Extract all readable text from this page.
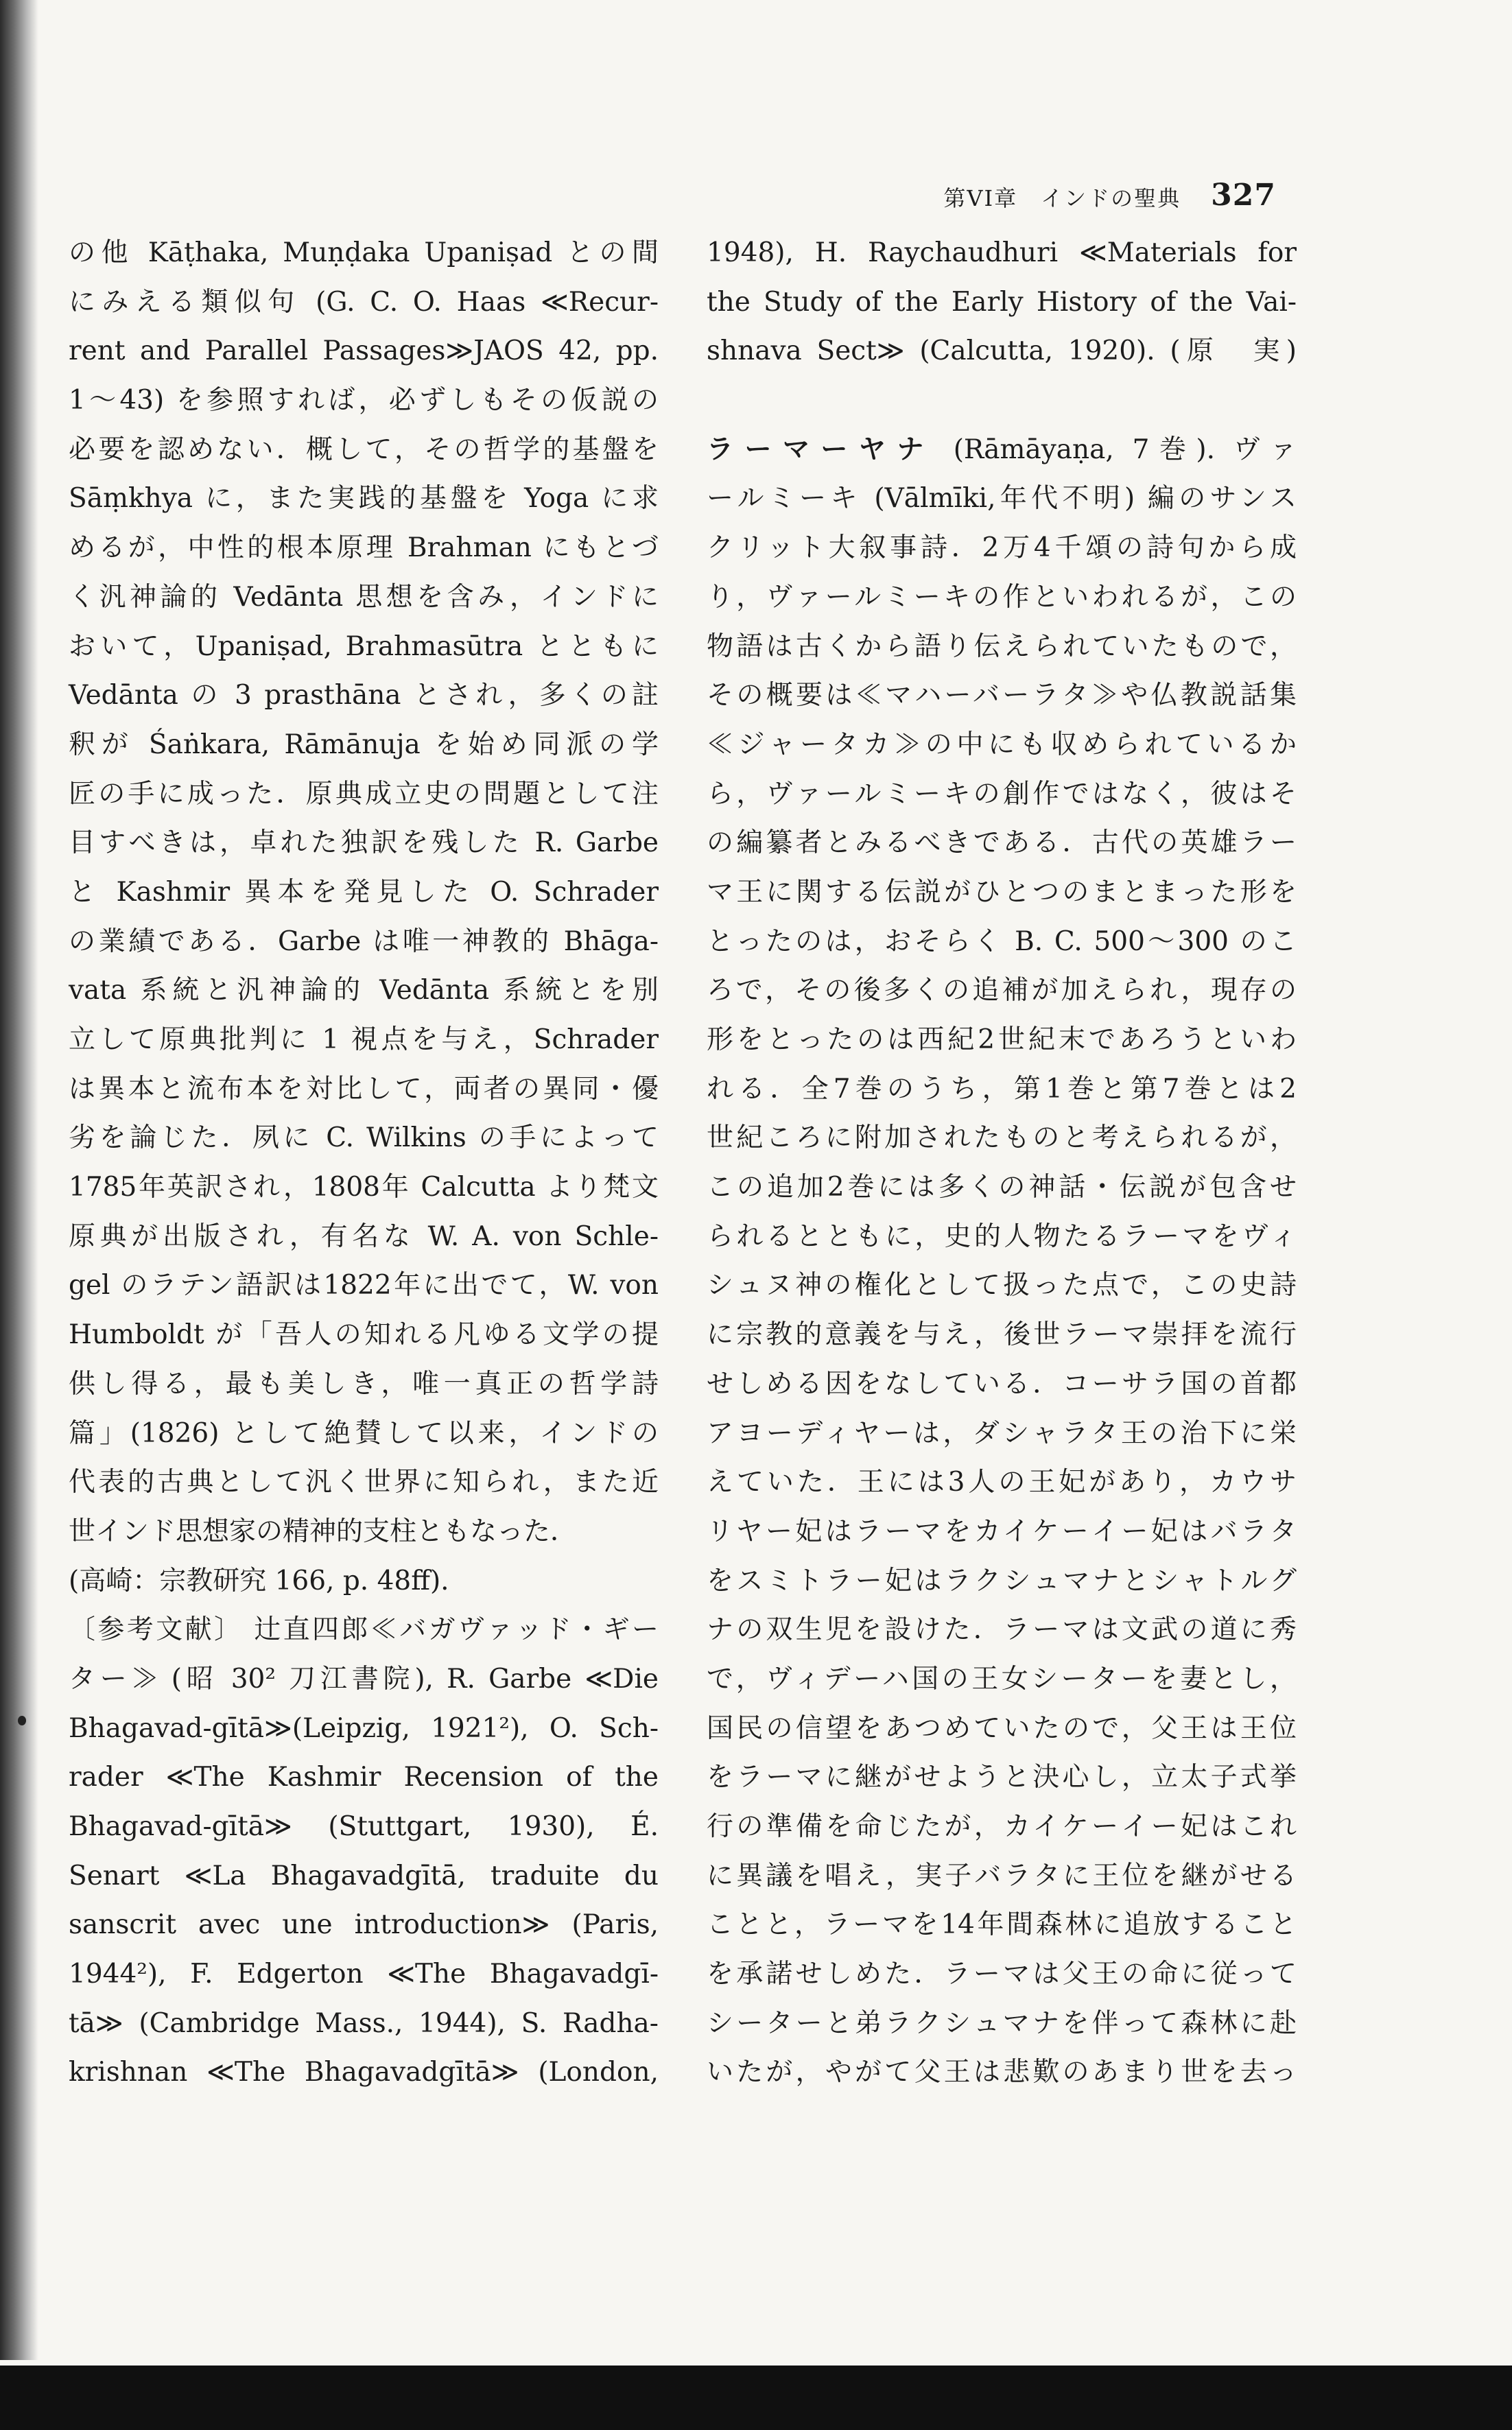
第VI章　インドの聖典 327
の他 Kāṭhaka, Muṇḍaka Upaniṣad との間
にみえる類似句 (G. C. O. Haas ≪Recur-
rent and Parallel Passages≫JAOS 42, pp.
1～43) を参照すれば，必ずしもその仮説の
必要を認めない．概して，その哲学的基盤を
Sāṃkhya に，また実践的基盤を Yoga に求
めるが，中性的根本原理 Brahman にもとづ
く汎神論的 Vedānta 思想を含み，インドに
おいて，Upaniṣad, Brahmasūtra とともに
Vedānta の 3 prasthāna とされ，多くの註
釈が Śaṅkara, Rāmānuja を始め同派の学
匠の手に成った．原典成立史の問題として注
目すべきは，卓れた独訳を残した R. Garbe
と Kashmir 異本を発見した O. Schrader
の業績である．Garbe は唯一神教的 Bhāga-
vata 系統と汎神論的 Vedānta 系統とを別
立して原典批判に 1 視点を与え，Schrader
は異本と流布本を対比して，両者の異同・優
劣を論じた．夙に C. Wilkins の手によって
1785年英訳され，1808年 Calcutta より梵文
原典が出版され，有名な W. A. von Schle-
gel のラテン語訳は1822年に出でて，W. von
Humboldt が「吾人の知れる凡ゆる文学の提
供し得る，最も美しき，唯一真正の哲学詩
篇」(1826) として絶賛して以来，インドの
代表的古典として汎く世界に知られ，また近
世インド思想家の精神的支柱ともなった．
(高崎：宗教研究 166, p. 48ff).
〔参考文献〕 辻直四郎≪バガヴァッド・ギー
ター≫ (昭 30² 刀江書院), R. Garbe ≪Die
Bhagavad-gītā≫(Leipzig, 1921²), O. Sch-
rader ≪The Kashmir Recension of the
Bhagavad-gītā≫ (Stuttgart, 1930), É.
Senart ≪La Bhagavadgītā, traduite du
sanscrit avec une introduction≫ (Paris,
1944²), F. Edgerton ≪The Bhagavadgī-
tā≫ (Cambridge Mass., 1944), S. Radha-
krishnan ≪The Bhagavadgītā≫ (London,
1948), H. Raychaudhuri ≪Materials for
the Study of the Early History of the Vai-
shnava Sect≫ (Calcutta, 1920). (原　実)
ラーマーヤナ (Rāmāyaṇa, 7巻). ヴァ
ールミーキ (Vālmīki,年代不明) 編のサンス
クリット大叙事詩．2万4千頌の詩句から成
り，ヴァールミーキの作といわれるが，この
物語は古くから語り伝えられていたもので，
その概要は≪マハーバーラタ≫や仏教説話集
≪ジャータカ≫の中にも収められているか
ら，ヴァールミーキの創作ではなく，彼はそ
の編纂者とみるべきである．古代の英雄ラー
マ王に関する伝説がひとつのまとまった形を
とったのは，おそらく B. C. 500～300 のこ
ろで，その後多くの追補が加えられ，現存の
形をとったのは西紀2世紀末であろうといわ
れる．全7巻のうち，第1巻と第7巻とは2
世紀ころに附加されたものと考えられるが，
この追加2巻には多くの神話・伝説が包含せ
られるとともに，史的人物たるラーマをヴィ
シュヌ神の権化として扱った点で，この史詩
に宗教的意義を与え，後世ラーマ崇拝を流行
せしめる因をなしている．コーサラ国の首都
アヨーディヤーは，ダシャラタ王の治下に栄
えていた．王には3人の王妃があり，カウサ
リヤー妃はラーマをカイケーイー妃はバラタ
をスミトラー妃はラクシュマナとシャトルグ
ナの双生児を設けた．ラーマは文武の道に秀
で，ヴィデーハ国の王女シーターを妻とし，
国民の信望をあつめていたので，父王は王位
をラーマに継がせようと決心し，立太子式挙
行の準備を命じたが，カイケーイー妃はこれ
に異議を唱え，実子バラタに王位を継がせる
ことと，ラーマを14年間森林に追放すること
を承諾せしめた．ラーマは父王の命に従って
シーターと弟ラクシュマナを伴って森林に赴
いたが，やがて父王は悲歎のあまり世を去っ
